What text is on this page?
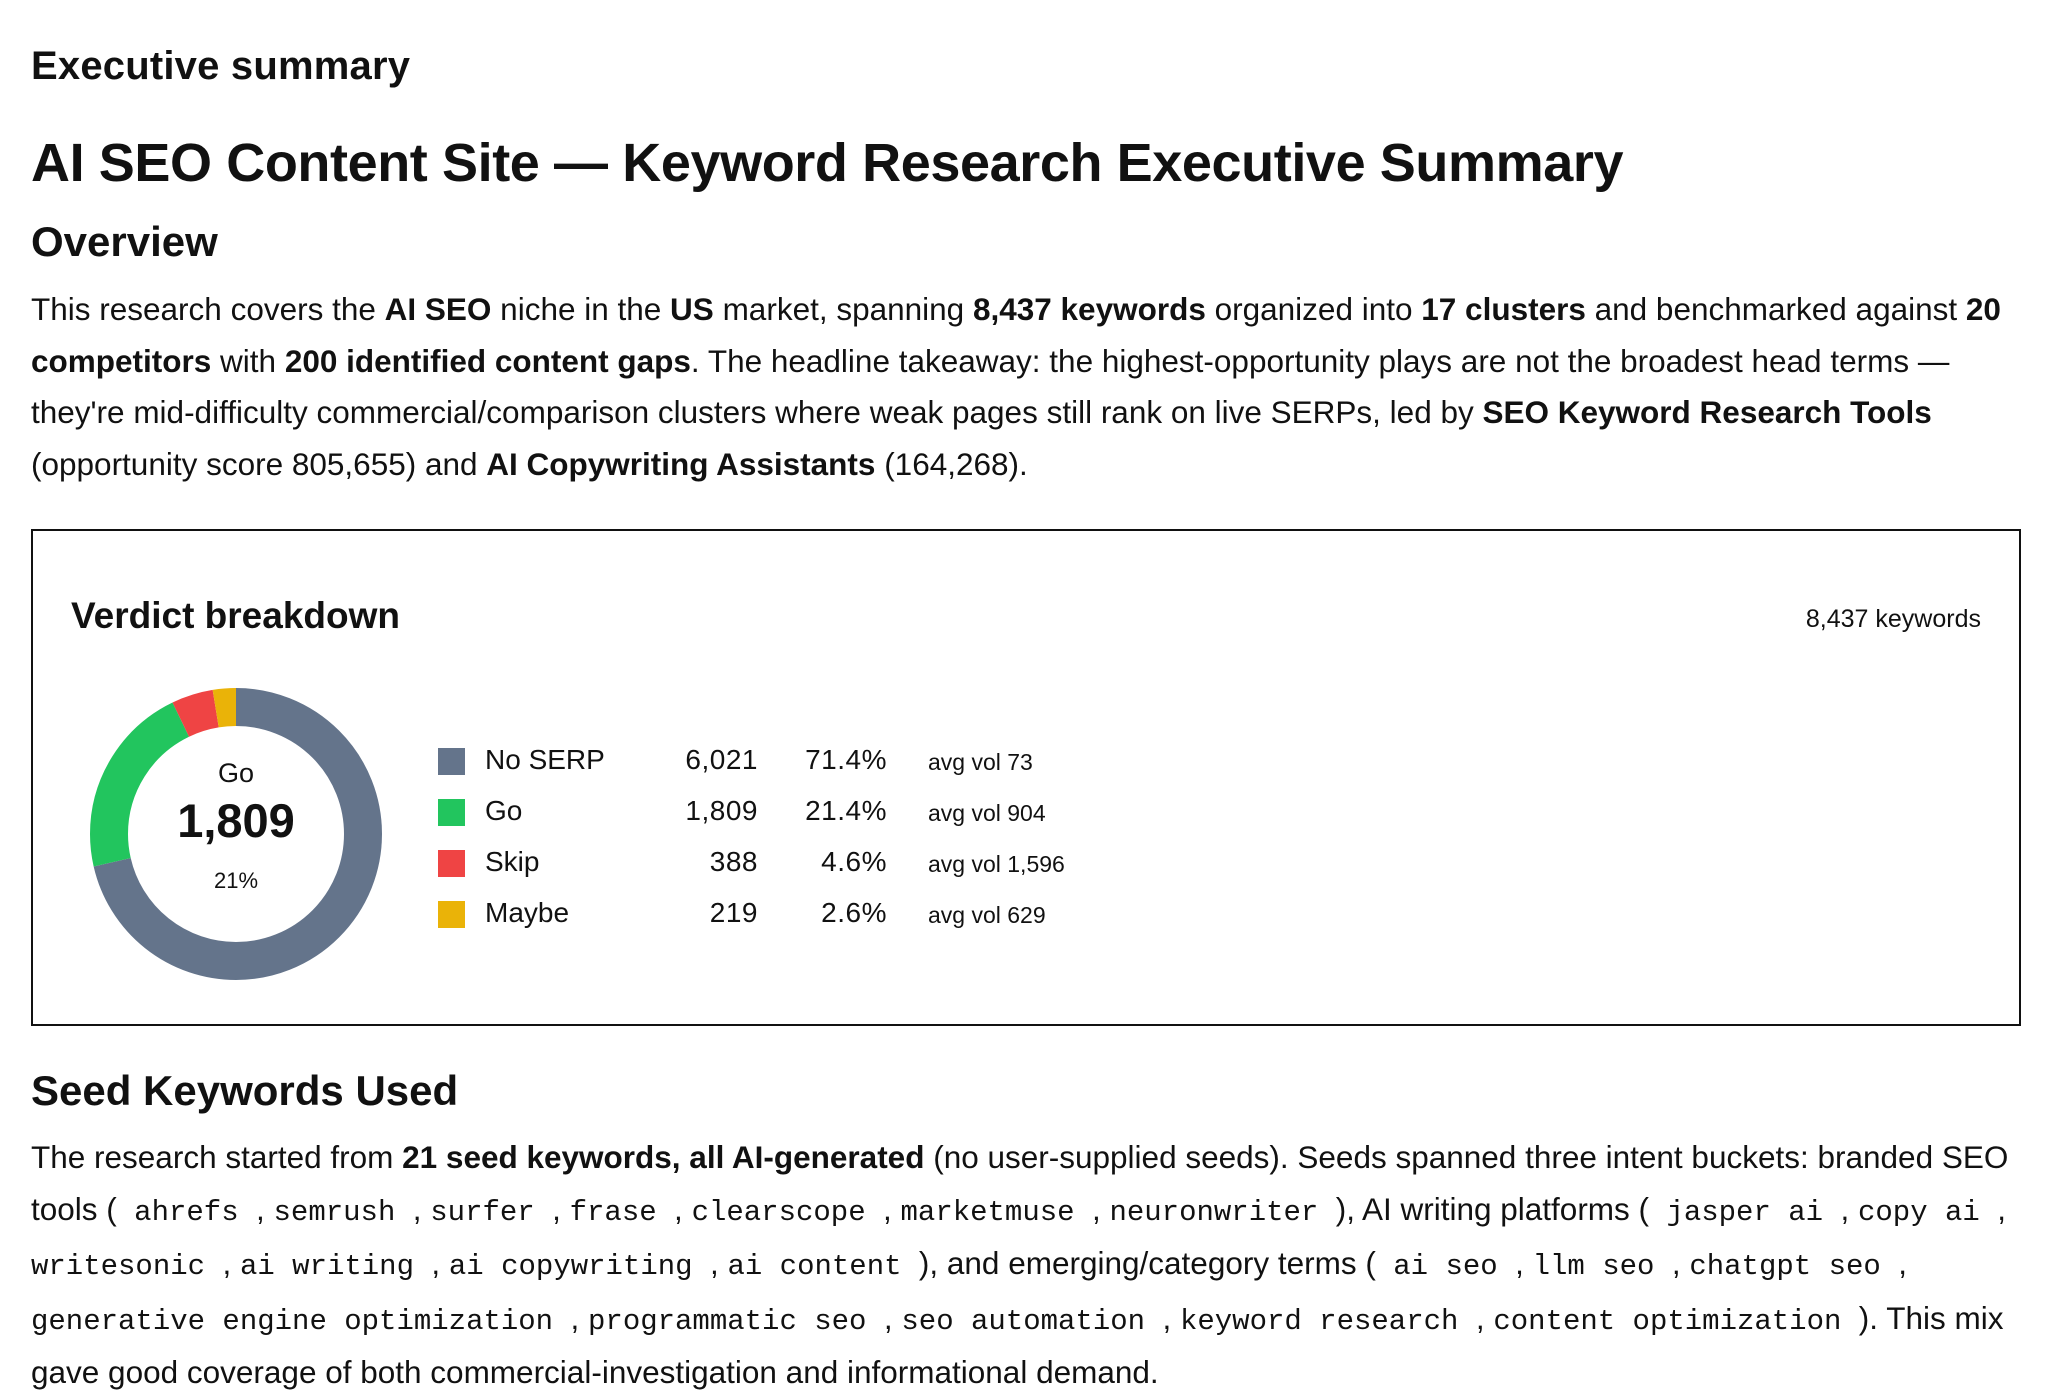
Executive summary
AI SEO Content Site — Keyword Research Executive Summary
Overview

This research covers the AI SEO niche in the US market, spanning 8,437 keywords organized into 17 clusters and benchmarked against 20 competitors with 200 identified content gaps. The headline takeaway: the highest-opportunity plays are not the broadest head terms — they're mid-difficulty commercial/comparison clusters where weak pages still rank on live SERPs, led by SEO Keyword Research Tools (opportunity score 805,655) and AI Copywriting Assistants (164,268).

Verdict breakdown	8,437 keywords
Go
1,809
21%
No SERP	6,021 71.4% avg vol 73
Go	1,809 21.4% avg vol 904
Skip	388 4.6% avg vol 1,596
Maybe	219 2.6% avg vol 629
Seed Keywords Used

The research started from 21 seed keywords, all AI-generated (no user-supplied seeds). Seeds spanned three intent buckets: branded SEO tools ( ahrefs , semrush , surfer , frase , clearscope , marketmuse , neuronwriter ), AI writing platforms ( jasper ai , copy ai , writesonic , ai writing , ai copywriting , ai content ), and emerging/category terms ( ai seo , llm seo , chatgpt seo , generative engine optimization , programmatic seo , seo automation , keyword research , content optimization ). This mix gave good coverage of both commercial-investigation and informational demand.
